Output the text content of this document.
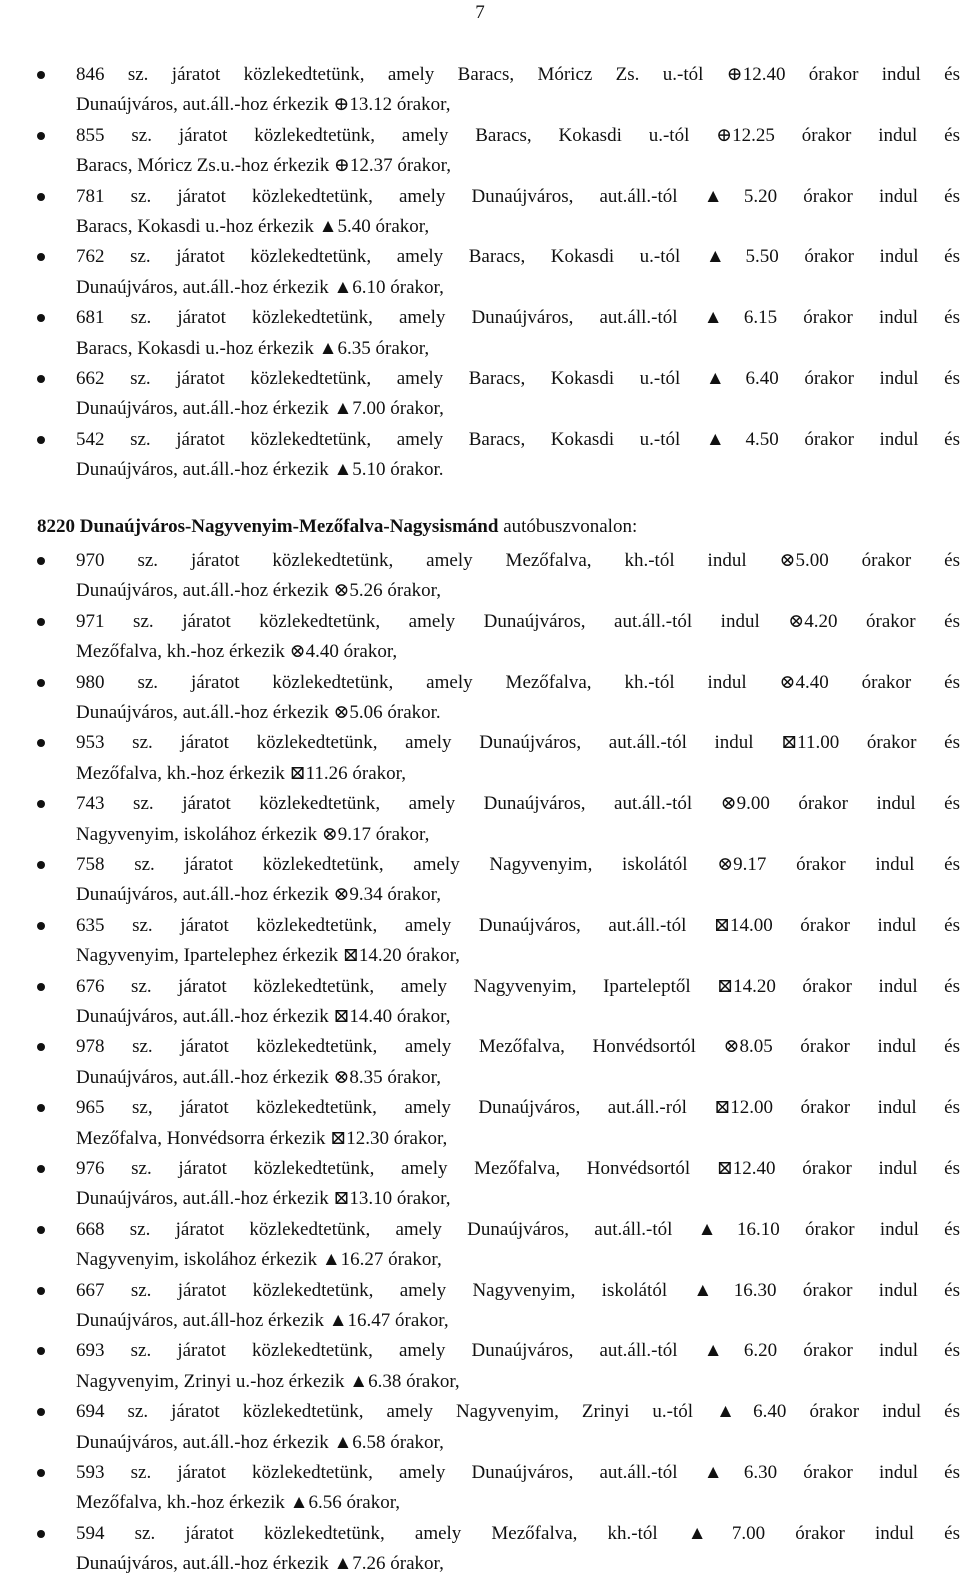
7
846 sz. járatot közlekedtetünk, amely Baracs, Móricz Zs. u.-tól ⊕12.40 órakor indul és
Dunaújváros, aut.áll.-hoz érkezik ⊕13.12 órakor,
855 sz. járatot közlekedtetünk, amely Baracs, Kokasdi u.-tól ⊕12.25 órakor indul és
Baracs, Móricz Zs.u.-hoz érkezik ⊕12.37 órakor,
781 sz. járatot közlekedtetünk, amely Dunaújváros, aut.áll.-tól ▲5.20 órakor indul és
Baracs, Kokasdi u.-hoz érkezik ▲5.40 órakor,
762 sz. járatot közlekedtetünk, amely Baracs, Kokasdi u.-tól ▲5.50 órakor indul és
Dunaújváros, aut.áll.-hoz érkezik ▲6.10 órakor,
681 sz. járatot közlekedtetünk, amely Dunaújváros, aut.áll.-tól ▲6.15 órakor indul és
Baracs, Kokasdi u.-hoz érkezik ▲6.35 órakor,
662 sz. járatot közlekedtetünk, amely Baracs, Kokasdi u.-tól ▲6.40 órakor indul és
Dunaújváros, aut.áll.-hoz érkezik ▲7.00 órakor,
542 sz. járatot közlekedtetünk, amely Baracs, Kokasdi u.-tól ▲4.50 órakor indul és
Dunaújváros, aut.áll.-hoz érkezik ▲5.10 órakor.
8220 Dunaújváros-Nagyvenyim-Mezőfalva-Nagysismánd autóbuszvonalon:
970 sz. járatot közlekedtetünk, amely Mezőfalva, kh.-tól indul ⊗5.00 órakor és
Dunaújváros, aut.áll.-hoz érkezik ⊗5.26 órakor,
971 sz. járatot közlekedtetünk, amely Dunaújváros, aut.áll.-tól indul ⊗4.20 órakor és
Mezőfalva, kh.-hoz érkezik ⊗4.40 órakor,
980 sz. járatot közlekedtetünk, amely Mezőfalva, kh.-tól indul ⊗4.40 órakor és
Dunaújváros, aut.áll.-hoz érkezik ⊗5.06 órakor.
953 sz. járatot közlekedtetünk, amely Dunaújváros, aut.áll.-tól indul ⊠11.00 órakor és
Mezőfalva, kh.-hoz érkezik ⊠11.26 órakor,
743 sz. járatot közlekedtetünk, amely Dunaújváros, aut.áll.-tól ⊗9.00 órakor indul és
Nagyvenyim, iskolához érkezik ⊗9.17 órakor,
758 sz. járatot közlekedtetünk, amely Nagyvenyim, iskolától ⊗9.17 órakor indul és
Dunaújváros, aut.áll.-hoz érkezik ⊗9.34 órakor,
635 sz. járatot közlekedtetünk, amely Dunaújváros, aut.áll.-tól ⊠14.00 órakor indul és
Nagyvenyim, Ipartelephez érkezik ⊠14.20 órakor,
676 sz. járatot közlekedtetünk, amely Nagyvenyim, Iparteleptől ⊠14.20 órakor indul és
Dunaújváros, aut.áll.-hoz érkezik ⊠14.40 órakor,
978 sz. járatot közlekedtetünk, amely Mezőfalva, Honvédsortól ⊗8.05 órakor indul és
Dunaújváros, aut.áll.-hoz érkezik ⊗8.35 órakor,
965 sz, járatot közlekedtetünk, amely Dunaújváros, aut.áll.-ról ⊠12.00 órakor indul és
Mezőfalva, Honvédsorra érkezik ⊠12.30 órakor,
976 sz. járatot közlekedtetünk, amely Mezőfalva, Honvédsortól ⊠12.40 órakor indul és
Dunaújváros, aut.áll.-hoz érkezik ⊠13.10 órakor,
668 sz. járatot közlekedtetünk, amely Dunaújváros, aut.áll.-tól ▲16.10 órakor indul és
Nagyvenyim, iskolához érkezik ▲16.27 órakor,
667 sz. járatot közlekedtetünk, amely Nagyvenyim, iskolától ▲16.30 órakor indul és
Dunaújváros, aut.áll-hoz érkezik ▲16.47 órakor,
693 sz. járatot közlekedtetünk, amely Dunaújváros, aut.áll.-tól ▲6.20 órakor indul és
Nagyvenyim, Zrinyi u.-hoz érkezik ▲6.38 órakor,
694 sz. járatot közlekedtetünk, amely Nagyvenyim, Zrinyi u.-tól ▲6.40 órakor indul és
Dunaújváros, aut.áll.-hoz érkezik ▲6.58 órakor,
593 sz. járatot közlekedtetünk, amely Dunaújváros, aut.áll.-tól ▲6.30 órakor indul és
Mezőfalva, kh.-hoz érkezik ▲6.56 órakor,
594 sz. járatot közlekedtetünk, amely Mezőfalva, kh.-tól ▲7.00 órakor indul és
Dunaújváros, aut.áll.-hoz érkezik ▲7.26 órakor,
